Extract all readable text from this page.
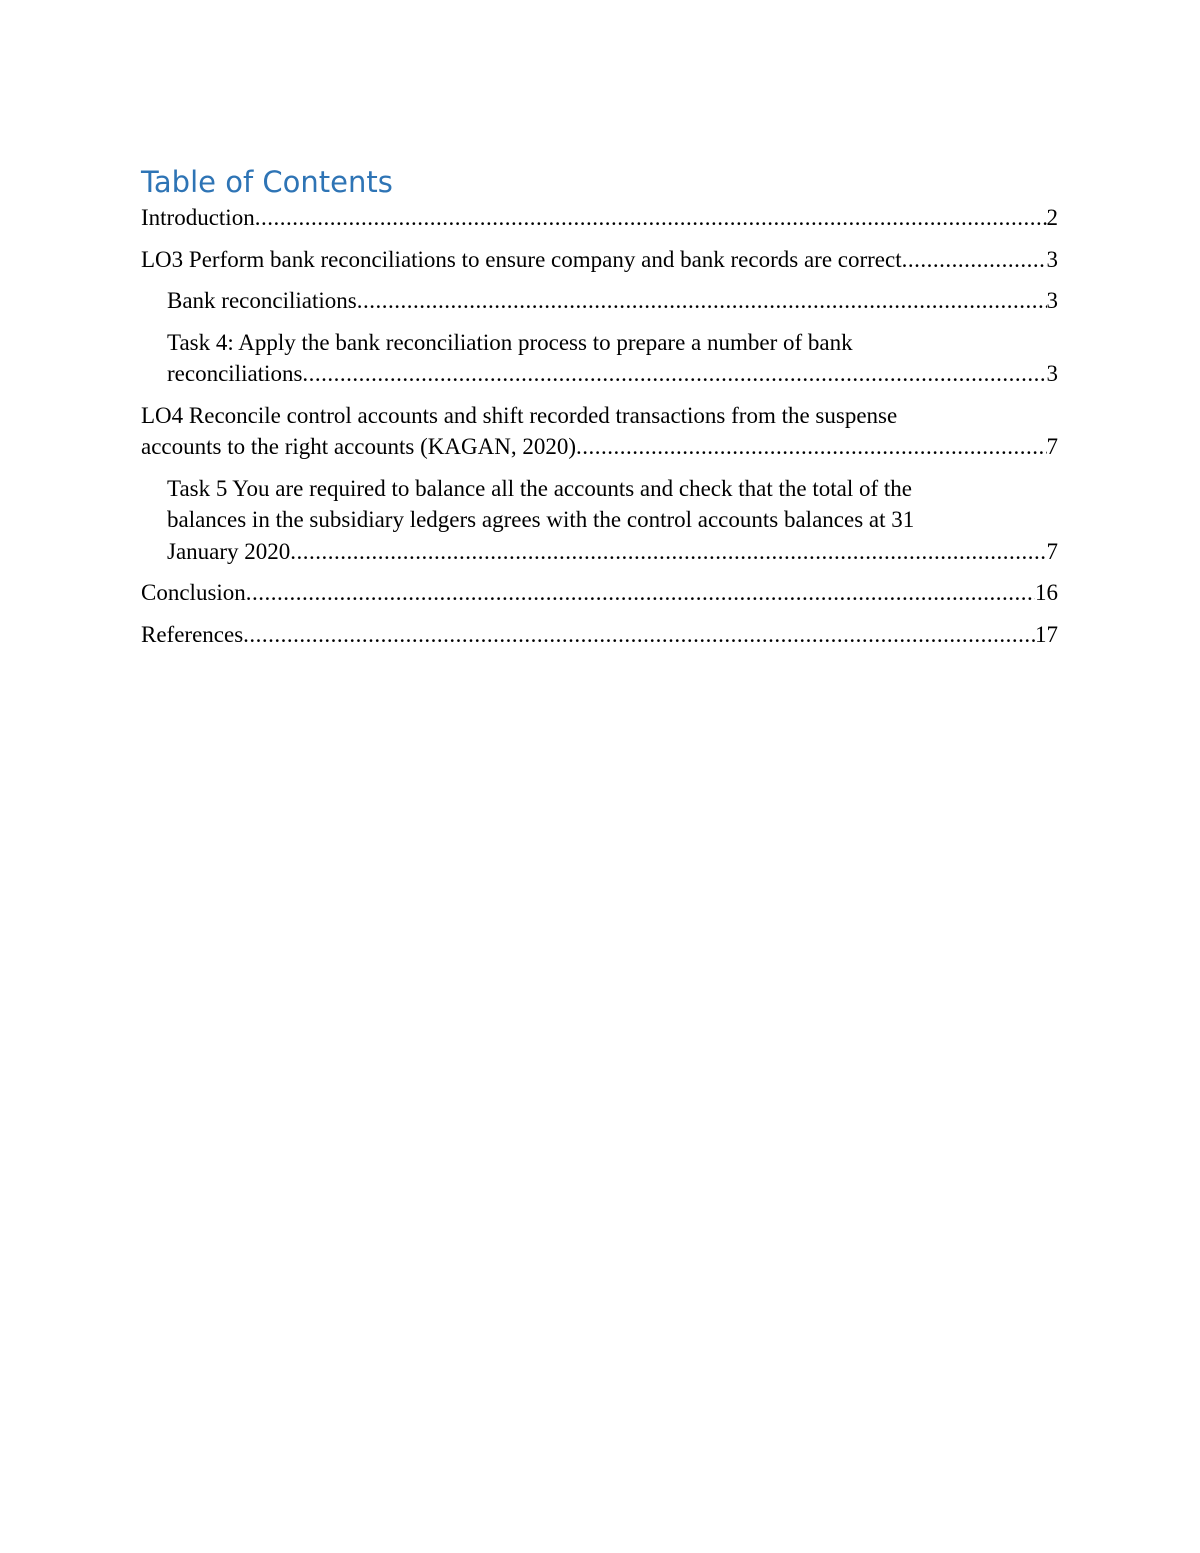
Table of Contents
Introduction .....	2
LO3 Perform bank reconciliations to ensure company and bank records are correct .....	3
Bank reconciliations .....	3
Task 4: Apply the bank reconciliation process to prepare a number of bank
reconciliations .....	3
LO4 Reconcile control accounts and shift recorded transactions from the suspense
accounts to the right accounts (KAGAN, 2020) .....	7
Task 5 You are required to balance all the accounts and check that the total of the
balances in the subsidiary ledgers agrees with the control accounts balances at 31
January 2020 .....	7
Conclusion .....	16
References .....	17
